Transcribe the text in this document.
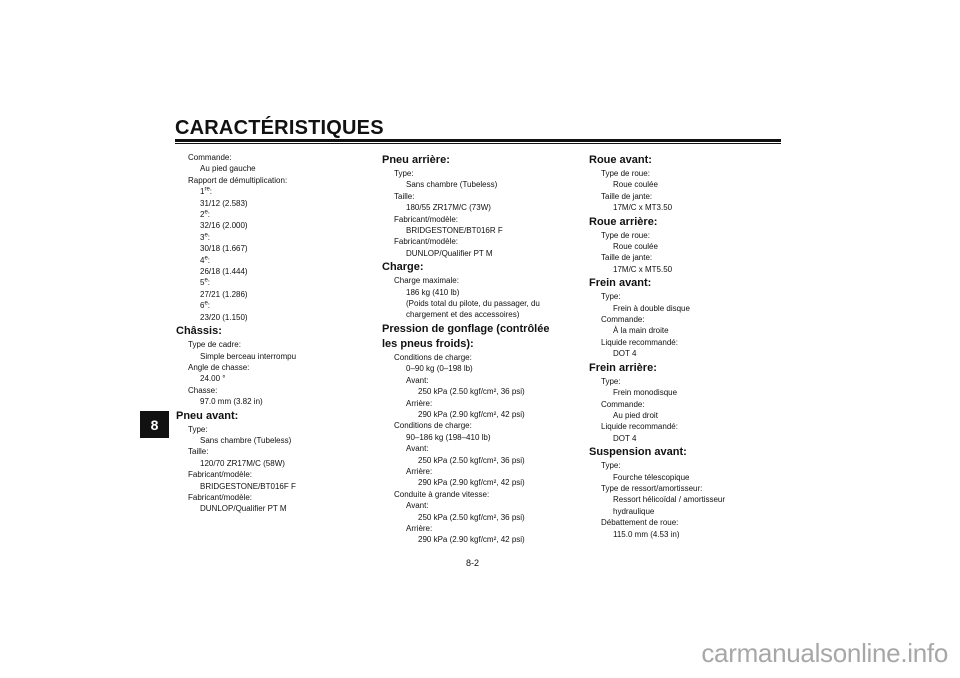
CARACTÉRISTIQUES
8
Commande:
Au pied gauche
Rapport de démultiplication:
1re:
31/12 (2.583)
2e:
32/16 (2.000)
3e:
30/18 (1.667)
4e:
26/18 (1.444)
5e:
27/21 (1.286)
6e:
23/20 (1.150)
Châssis:
Type de cadre:
Simple berceau interrompu
Angle de chasse:
24.00 °
Chasse:
97.0 mm (3.82 in)
Pneu avant:
Type:
Sans chambre (Tubeless)
Taille:
120/70 ZR17M/C (58W)
Fabricant/modèle:
BRIDGESTONE/BT016F F
Fabricant/modèle:
DUNLOP/Qualifier PT M
Pneu arrière:
Type:
Sans chambre (Tubeless)
Taille:
180/55 ZR17M/C (73W)
Fabricant/modèle:
BRIDGESTONE/BT016R F
Fabricant/modèle:
DUNLOP/Qualifier PT M
Charge:
Charge maximale:
186 kg (410 lb)
(Poids total du pilote, du passager, du
chargement et des accessoires)
Pression de gonflage (contrôlée les pneus froids):
Conditions de charge:
0–90 kg (0–198 lb)
Avant:
250 kPa (2.50 kgf/cm², 36 psi)
Arrière:
290 kPa (2.90 kgf/cm², 42 psi)
Conditions de charge:
90–186 kg (198–410 lb)
Avant:
250 kPa (2.50 kgf/cm², 36 psi)
Arrière:
290 kPa (2.90 kgf/cm², 42 psi)
Conduite à grande vitesse:
Avant:
250 kPa (2.50 kgf/cm², 36 psi)
Arrière:
290 kPa (2.90 kgf/cm², 42 psi)
Roue avant:
Type de roue:
Roue coulée
Taille de jante:
17M/C x MT3.50
Roue arrière:
Type de roue:
Roue coulée
Taille de jante:
17M/C x MT5.50
Frein avant:
Type:
Frein à double disque
Commande:
À la main droite
Liquide recommandé:
DOT 4
Frein arrière:
Type:
Frein monodisque
Commande:
Au pied droit
Liquide recommandé:
DOT 4
Suspension avant:
Type:
Fourche télescopique
Type de ressort/amortisseur:
Ressort hélicoïdal / amortisseur
hydraulique
Débattement de roue:
115.0 mm (4.53 in)
8-2
carmanualsonline.info
